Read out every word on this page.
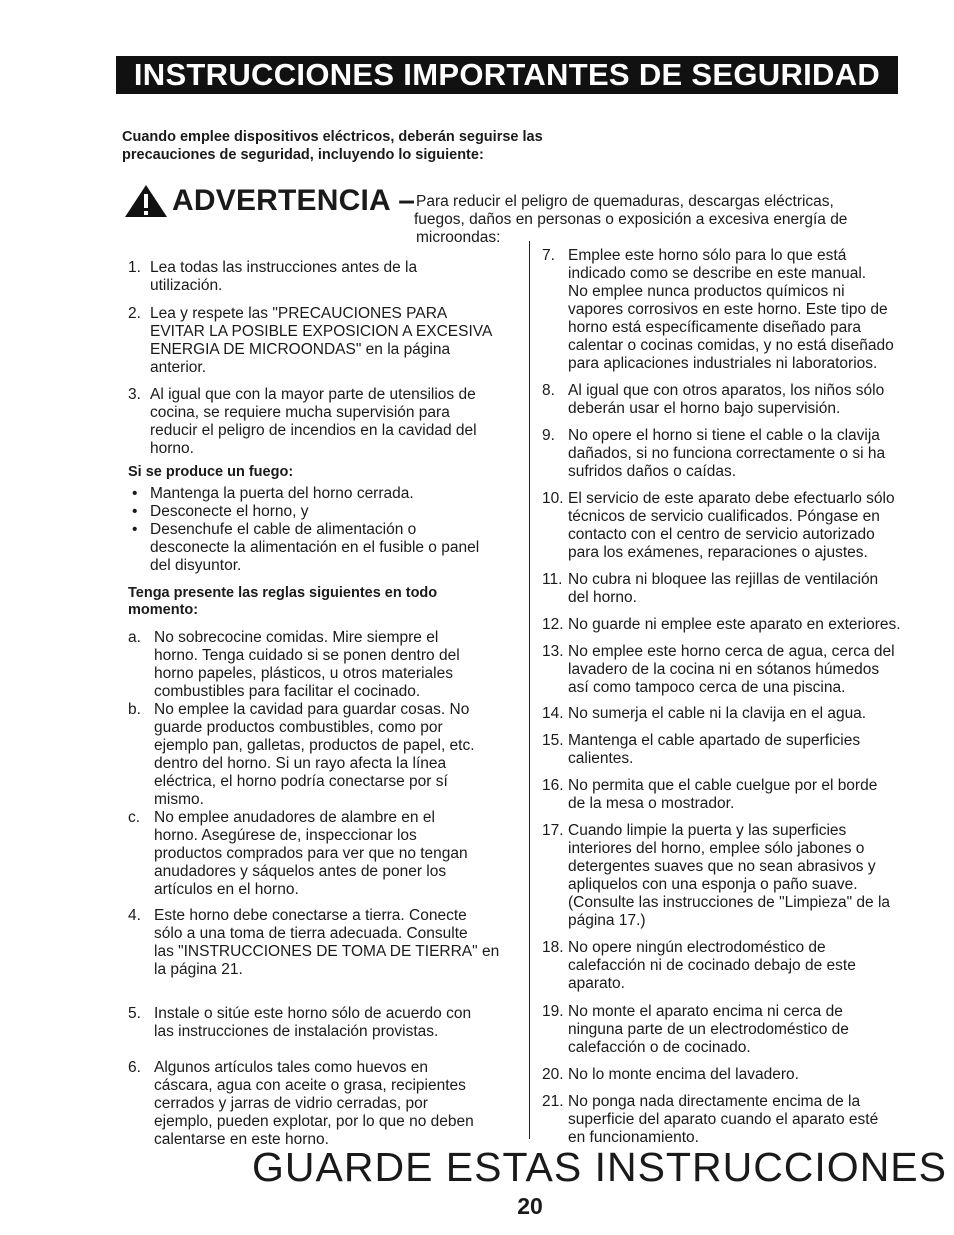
INSTRUCCIONES IMPORTANTES DE SEGURIDAD
Cuando emplee dispositivos eléctricos, deberán seguirse las
precauciones de seguridad, incluyendo lo siguiente:
ADVERTENCIA – Para reducir el peligro de quemaduras, descargas eléctricas,
fuegos, daños en personas o exposición a excesiva energía de
microondas:
1. Lea todas las instrucciones antes de la
utilización.
2. Lea y respete las "PRECAUCIONES PARA
EVITAR LA POSIBLE EXPOSICION A EXCESIVA
ENERGIA DE MICROONDAS" en la página
anterior.
3. Al igual que con la mayor parte de utensilios de
cocina, se requiere mucha supervisión para
reducir el peligro de incendios en la cavidad del
horno.
Si se produce un fuego:
• Mantenga la puerta del horno cerrada.
• Desconecte el horno, y
• Desenchufe el cable de alimentación o
desconecte la alimentación en el fusible o panel
del disyuntor.
Tenga presente las reglas siguientes en todo
momento:
a. No sobrecocine comidas. Mire siempre el
horno. Tenga cuidado si se ponen dentro del
horno papeles, plásticos, u otros materiales
combustibles para facilitar el cocinado.
b. No emplee la cavidad para guardar cosas. No
guarde productos combustibles, como por
ejemplo pan, galletas, productos de papel, etc.
dentro del horno. Si un rayo afecta la línea
eléctrica, el horno podría conectarse por sí
mismo.
c. No emplee anudadores de alambre en el
horno. Asegúrese de, inspeccionar los
productos comprados para ver que no tengan
anudadores y sáquelos antes de poner los
artículos en el horno.
4. Este horno debe conectarse a tierra. Conecte
sólo a una toma de tierra adecuada. Consulte
las "INSTRUCCIONES DE TOMA DE TIERRA" en
la página 21.
5. Instale o sitúe este horno sólo de acuerdo con
las instrucciones de instalación provistas.
6. Algunos artículos tales como huevos en
cáscara, agua con aceite o grasa, recipientes
cerrados y jarras de vidrio cerradas, por
ejemplo, pueden explotar, por lo que no deben
calentarse en este horno.
7. Emplee este horno sólo para lo que está
indicado como se describe en este manual.
No emplee nunca productos químicos ni
vapores corrosivos en este horno. Este tipo de
horno está específicamente diseñado para
calentar o cocinas comidas, y no está diseñado
para aplicaciones industriales ni laboratorios.
8. Al igual que con otros aparatos, los niños sólo
deberán usar el horno bajo supervisión.
9. No opere el horno si tiene el cable o la clavija
dañados, si no funciona correctamente o si ha
sufridos daños o caídas.
10. El servicio de este aparato debe efectuarlo sólo
técnicos de servicio cualificados. Póngase en
contacto con el centro de servicio autorizado
para los exámenes, reparaciones o ajustes.
11. No cubra ni bloquee las rejillas de ventilación
del horno.
12. No guarde ni emplee este aparato en exteriores.
13. No emplee este horno cerca de agua, cerca del
lavadero de la cocina ni en sótanos húmedos
así como tampoco cerca de una piscina.
14. No sumerja el cable ni la clavija en el agua.
15. Mantenga el cable apartado de superficies
calientes.
16. No permita que el cable cuelgue por el borde
de la mesa o mostrador.
17. Cuando limpie la puerta y las superficies
interiores del horno, emplee sólo jabones o
detergentes suaves que no sean abrasivos y
apliquelos con una esponja o paño suave.
(Consulte las instrucciones de "Limpieza" de la
página 17.)
18. No opere ningún electrodoméstico de
calefacción ni de cocinado debajo de este
aparato.
19. No monte el aparato encima ni cerca de
ninguna parte de un electrodoméstico de
calefacción o de cocinado.
20. No lo monte encima del lavadero.
21. No ponga nada directamente encima de la
superficie del aparato cuando el aparato esté
en funcionamiento.
GUARDE ESTAS INSTRUCCIONES
20
